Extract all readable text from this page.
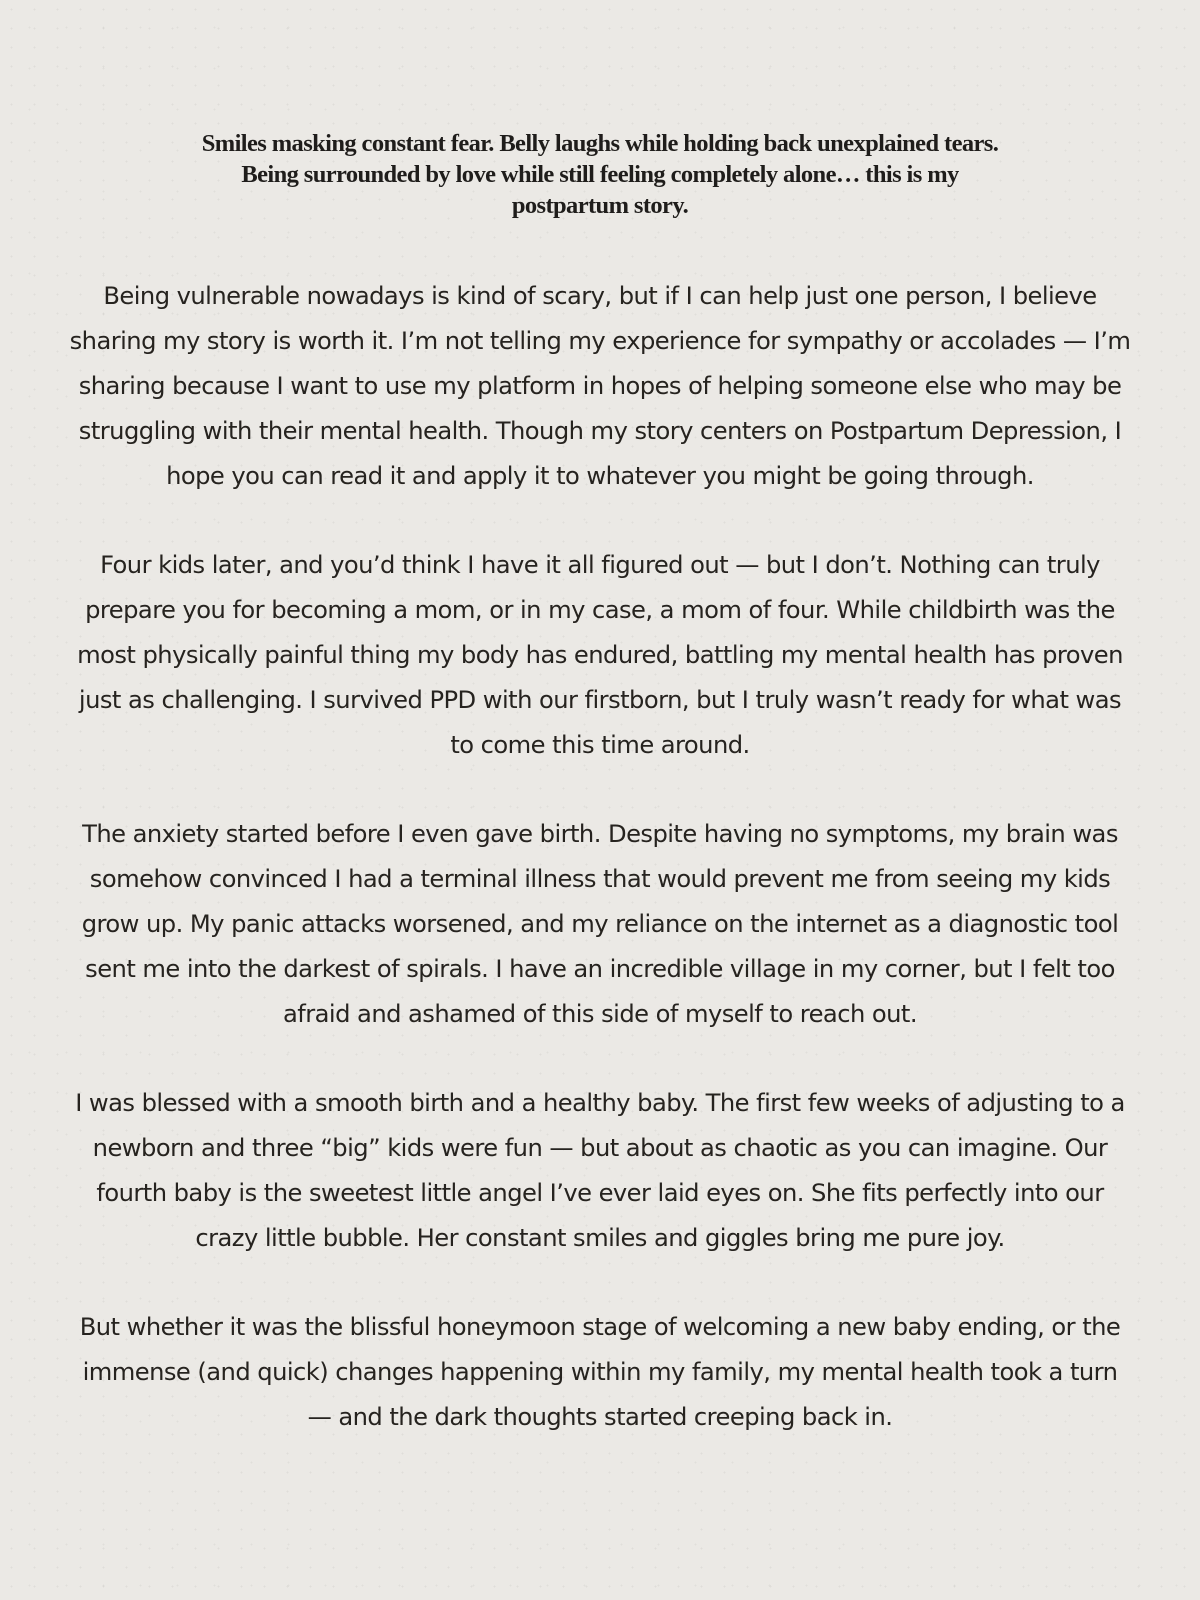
Smiles masking constant fear. Belly laughs while holding back unexplained tears.
Being surrounded by love while still feeling completely alone… this is my
postpartum story.

Being vulnerable nowadays is kind of scary, but if I can help just one person, I believe
sharing my story is worth it. I’m not telling my experience for sympathy or accolades — I’m
sharing because I want to use my platform in hopes of helping someone else who may be
struggling with their mental health. Though my story centers on Postpartum Depression, I
hope you can read it and apply it to whatever you might be going through.

Four kids later, and you’d think I have it all figured out — but I don’t. Nothing can truly
prepare you for becoming a mom, or in my case, a mom of four. While childbirth was the
most physically painful thing my body has endured, battling my mental health has proven
just as challenging. I survived PPD with our firstborn, but I truly wasn’t ready for what was
to come this time around.

The anxiety started before I even gave birth. Despite having no symptoms, my brain was
somehow convinced I had a terminal illness that would prevent me from seeing my kids
grow up. My panic attacks worsened, and my reliance on the internet as a diagnostic tool
sent me into the darkest of spirals. I have an incredible village in my corner, but I felt too
afraid and ashamed of this side of myself to reach out.

I was blessed with a smooth birth and a healthy baby. The first few weeks of adjusting to a
newborn and three “big” kids were fun — but about as chaotic as you can imagine. Our
fourth baby is the sweetest little angel I’ve ever laid eyes on. She fits perfectly into our
crazy little bubble. Her constant smiles and giggles bring me pure joy.

But whether it was the blissful honeymoon stage of welcoming a new baby ending, or the
immense (and quick) changes happening within my family, my mental health took a turn
— and the dark thoughts started creeping back in.
